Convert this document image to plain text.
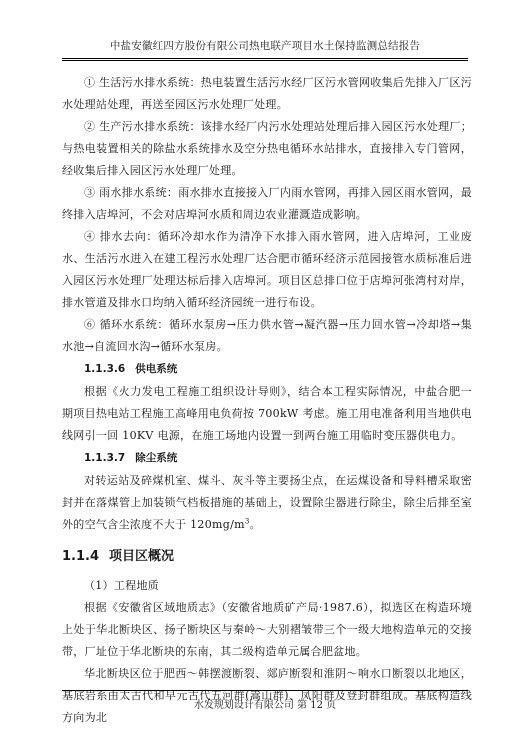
中盐安徽红四方股份有限公司热电联产项目水土保持监测总结报告

① 生活污水排水系统：热电装置生活污水经厂区污水管网收集后先排入厂区污水处理站处理，再送至园区污水处理厂处理。

② 生产污水排水系统：该排水经厂内污水处理站处理后排入园区污水处理厂；与热电装置相关的除盐水系统排水及空分热电循环水站排水，直接排入专门管网，经收集后排入园区污水处理厂处理。

③ 雨水排水系统：雨水排水直接接入厂内雨水管网，再排入园区雨水管网，最终排入店埠河，不会对店埠河水质和周边农业灌溉造成影响。

④ 排水去向：循环冷却水作为清净下水排入雨水管网，进入店埠河，工业废水、生活污水进入在建工程污水处理厂达合肥市循环经济示范园接管水质标准后进入园区污水处理厂处理达标后排入店埠河。项目区总排口位于店埠河张湾村对岸，排水管道及排水口均纳入循环经济园统一进行布设。

⑥ 循环水系统：循环水泵房→压力供水管→凝汽器→压力回水管→冷却塔→集水池→自流回水沟→循环水泵房。

1.1.3.6 供电系统

根据《火力发电工程施工组织设计导则》，结合本工程实际情况，中盐合肥一期项目热电站工程施工高峰用电负荷按 700kW 考虑。施工用电准备利用当地供电线网引一回 10KV 电源，在施工场地内设置一到两台施工用临时变压器供电力。

1.1.3.7 除尘系统

对转运站及碎煤机室、煤斗、灰斗等主要扬尘点，在运煤设备和导料槽采取密封并在落煤管上加装锁气档板措施的基础上，设置除尘器进行除尘，除尘后排至室外的空气含尘浓度不大于 $120mg/m^3$。

1.1.4 项目区概况

（1）工程地质

根据《安徽省区域地质志》（安徽省地质矿产局·1987.6），拟选区在构造环境上处于华北断块区、扬子断块区与秦岭～大别褶皱带三个一级大地构造单元的交接带，厂址位于华北断块的东南，其二级构造单元属合肥盆地。

华北断块区位于肥西～韩摆渡断裂、郯庐断裂和淮阴～响水口断裂以北地区，基底岩系由太古代和早元古代五河群(嵩山群)、凤阳群及登封群组成。基底构造线方向为北

水发规划设计有限公司 第 12 页
